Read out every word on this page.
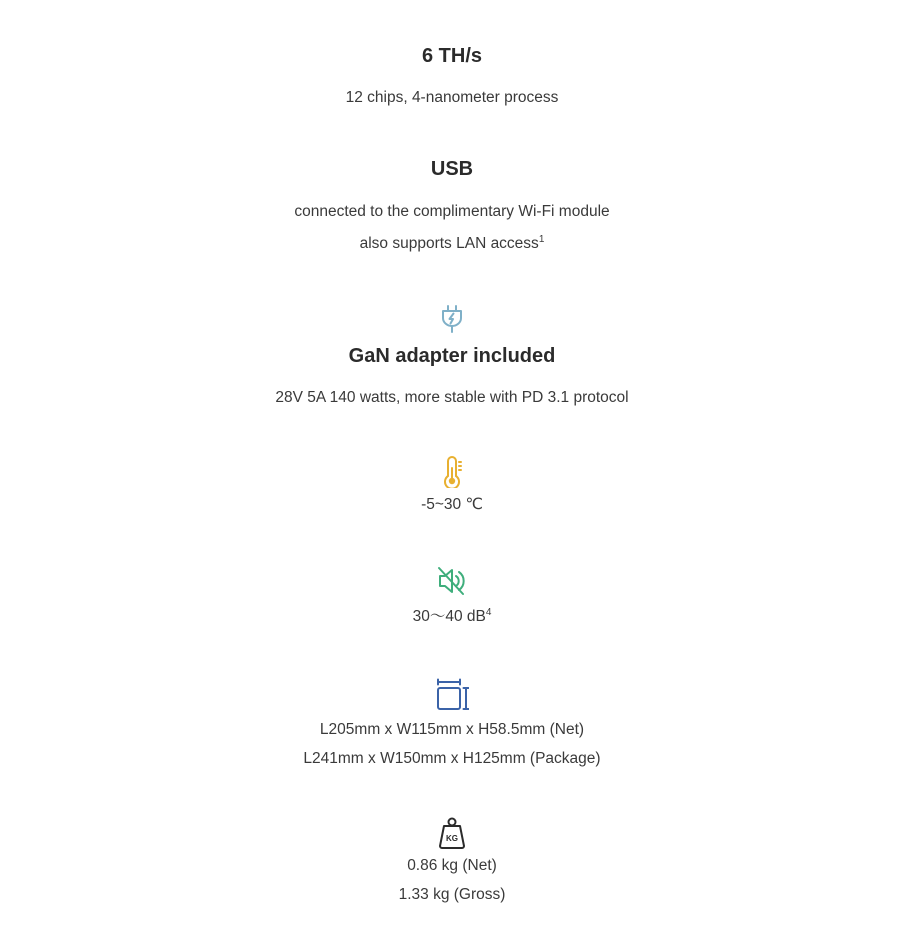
6 TH/s

12 chips, 4-nanometer process

USB

connected to the complimentary Wi-Fi module

also supports LAN access$^1$

GaN adapter included

28V 5A 140 watts, more stable with PD 3.1 protocol

-5~30 ℃

30～40 $dB^4$

L205mm x W115mm x H58.5mm (Net)

L241mm x W150mm x H125mm (Package)

KG

0.86 kg (Net)

1.33 kg (Gross)
